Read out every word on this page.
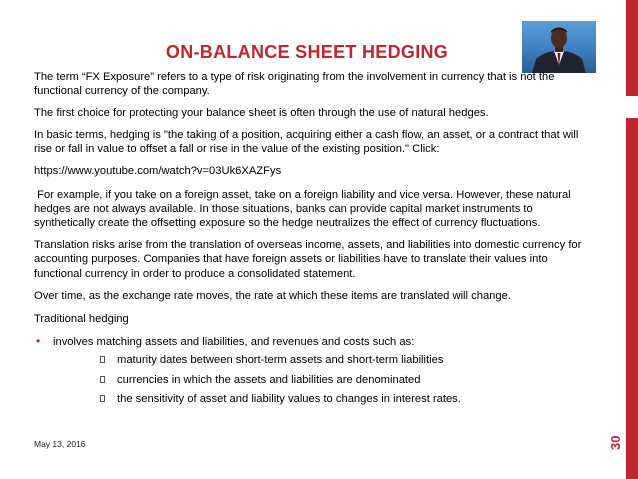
ON-BALANCE SHEET HEDGING

The term “FX Exposure” refers to a type of risk originating from the involvement in currency that is not the functional currency of the company.

The first choice for protecting your balance sheet is often through the use of natural hedges.

In basic terms, hedging is "the taking of a position, acquiring either a cash flow, an asset, or a contract that will rise or fall in value to offset a fall or rise in the value of the existing position." Click:

https://www.youtube.com/watch?v=03Uk6XAZFys

For example, if you take on a foreign asset, take on a foreign liability and vice versa. However, these natural hedges are not always available. In those situations, banks can provide capital market instruments to synthetically create the offsetting exposure so the hedge neutralizes the effect of currency fluctuations.

Translation risks arise from the translation of overseas income, assets, and liabilities into domestic currency for accounting purposes. Companies that have foreign assets or liabilities have to translate their values into functional currency in order to produce a consolidated statement.

Over time, as the exchange rate moves, the rate at which these items are translated will change.

Traditional hedging

• involves matching assets and liabilities, and revenues and costs such as:
maturity dates between short-term assets and short-term liabilities
currencies in which the assets and liabilities are denominated
the sensitivity of asset and liability values to changes in interest rates.
May 13, 2016	30
